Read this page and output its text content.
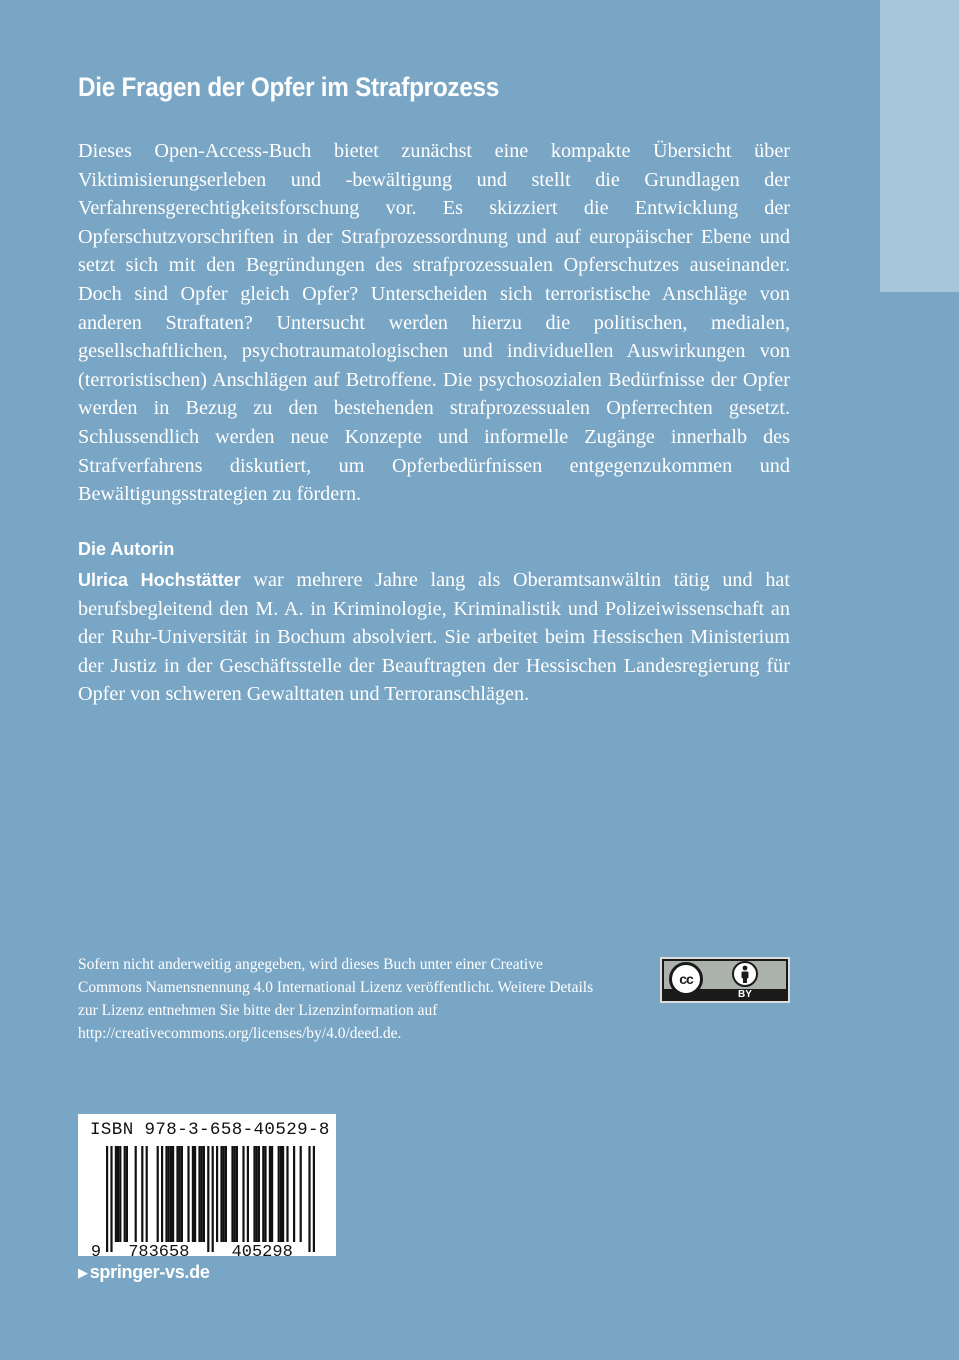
Die Fragen der Opfer im Strafprozess

Dieses Open-Access-Buch bietet zunächst eine kompakte Übersicht über Viktimisierungserleben und -bewältigung und stellt die Grundlagen der Verfahrensgerechtigkeitsforschung vor. Es skizziert die Entwicklung der Opferschutzvorschriften in der Strafprozessordnung und auf europäischer Ebene und setzt sich mit den Begründungen des strafprozessualen Opferschutzes auseinander. Doch sind Opfer gleich Opfer? Unterscheiden sich terroristische Anschläge von anderen Straftaten? Untersucht werden hierzu die politischen, medialen, gesellschaftlichen, psychotraumatologischen und individuellen Auswirkungen von (terroristischen) Anschlägen auf Betroffene. Die psychosozialen Bedürfnisse der Opfer werden in Bezug zu den bestehenden strafprozessualen Opferrechten gesetzt. Schlussendlich werden neue Konzepte und informelle Zugänge innerhalb des Strafverfahrens diskutiert, um Opferbedürfnissen entgegenzukommen und Bewältigungsstrategien zu fördern.

Die Autorin

Ulrica Hochstätter war mehrere Jahre lang als Oberamtsanwältin tätig und hat berufsbegleitend den M. A. in Kriminologie, Kriminalistik und Polizeiwissenschaft an der Ruhr-Universität in Bochum absolviert. Sie arbeitet beim Hessischen Ministerium der Justiz in der Geschäftsstelle der Beauftragten der Hessischen Landesregierung für Opfer von schweren Gewalttaten und Terroranschlägen.

Sofern nicht anderweitig angegeben, wird dieses Buch unter einer Creative Commons Namensnennung 4.0 International Lizenz veröffentlicht. Weitere Details zur Lizenz entnehmen Sie bitte der Lizenzinformation auf http://creativecommons.org/licenses/by/4.0/deed.de.

cc
BY
9 783658 405298
ISBN 978-3-658-40529-8
▶ springer-vs.de
